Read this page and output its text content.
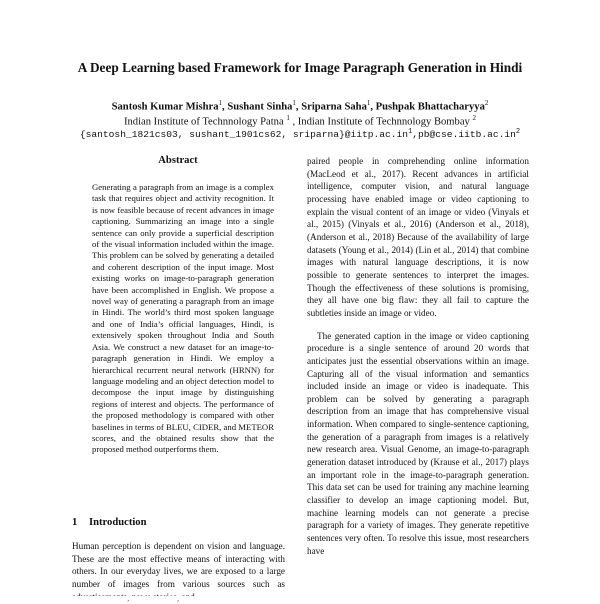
A Deep Learning based Framework for Image Paragraph Generation in Hindi
Santosh Kumar Mishra$^1$, Sushant Sinha$^1$, Sriparna Saha$^1$, Pushpak Bhattacharyya$^2$
Indian Institute of Technnology Patna $^1$ , Indian Institute of Technnology Bombay $^2$
{santosh_1821cs03, sushant_1901cs62, $sriparna\}@iitp.ac.in^1,pb@cse.iitb.ac.in^2$
Abstract

Generating a paragraph from an image is a complex task that requires object and activity recognition. It is now feasible because of recent advances in image captioning. Summarizing an image into a single sentence can only provide a superficial description of the visual information included within the image. This problem can be solved by generating a detailed and coherent description of the input image. Most existing works on image-to-paragraph generation have been accomplished in English. We propose a novel way of generating a paragraph from an image in Hindi. The world’s third most spoken language and one of India’s official languages, Hindi, is extensively spoken throughout India and South Asia. We construct a new dataset for an image-to-paragraph generation in Hindi. We employ a hierarchical recurrent neural network (HRNN) for language modeling and an object detection model to decompose the input image by distinguishing regions of interest and objects. The performance of the proposed methodology is compared with other baselines in terms of BLEU, CIDER, and METEOR scores, and the obtained results show that the proposed method outperforms them.

1 Introduction

Human perception is dependent on vision and language. These are the most effective means of interacting with others. In our everyday lives, we are exposed to a large number of images from various sources such as

paired people in comprehending online information (MacLeod et al., 2017). Recent advances in artificial intelligence, computer vision, and natural language processing have enabled image or video captioning to explain the visual content of an image or video (Vinyals et al., 2015) (Vinyals et al., 2016) (Anderson et al., 2018), (Anderson et al., 2018) Because of the availability of large datasets (Young et al., 2014) (Lin et al., 2014) that combine images with natural language descriptions, it is now possible to generate sentences to interpret the images. Though the effectiveness of these solutions is promising, they all have one big flaw: they all fail to capture the subtleties inside an image or video.

The generated caption in the image or video captioning procedure is a single sentence of around 20 words that anticipates just the essential observations within an image. Capturing all of the visual information and semantics included inside an image or video is inadequate. This problem can be solved by generating a paragraph description from an image that has comprehensive visual information. When compared to single-sentence captioning, the generation of a paragraph from images is a relatively new research area. Visual Genome, an image-to-paragraph generation dataset introduced by (Krause et al., 2017) plays an important role in the image-to-paragraph generation. This data set can be used for training any machine learning classifier to develop an image captioning model. But, machine learning models can not generate a precise paragraph for a variety of images. They generate repetitive sentences very often. To resolve this issue, most researchers have
